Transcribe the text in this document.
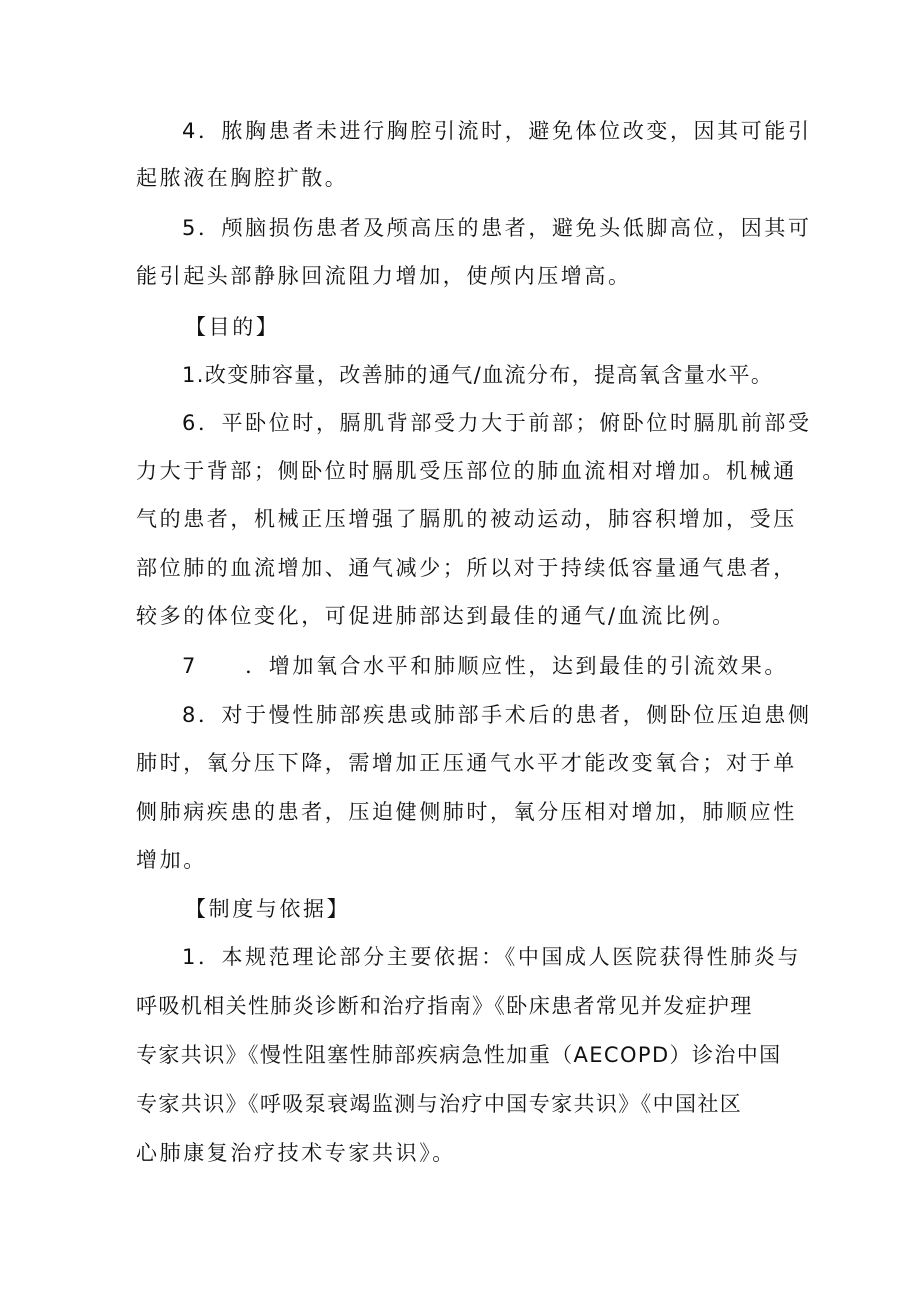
4．脓胸患者未进行胸腔引流时，避免体位改变，因其可能引
起脓液在胸腔扩散。
5．颅脑损伤患者及颅高压的患者，避免头低脚高位，因其可
能引起头部静脉回流阻力增加，使颅内压增高。
【目的】
1.改变肺容量，改善肺的通气/血流分布，提高氧含量水平。
6．平卧位时，膈肌背部受力大于前部；俯卧位时膈肌前部受
力大于背部；侧卧位时膈肌受压部位的肺血流相对增加。机械通
气的患者，机械正压增强了膈肌的被动运动，肺容积增加，受压
部位肺的血流增加、通气减少；所以对于持续低容量通气患者，
较多的体位变化，可促进肺部达到最佳的通气/血流比例。
7　　．增加氧合水平和肺顺应性，达到最佳的引流效果。
8．对于慢性肺部疾患或肺部手术后的患者，侧卧位压迫患侧
肺时，氧分压下降，需增加正压通气水平才能改变氧合；对于单
侧肺病疾患的患者，压迫健侧肺时，氧分压相对增加，肺顺应性
增加。
【制度与依据】
1．本规范理论部分主要依据：《中国成人医院获得性肺炎与
呼吸机相关性肺炎诊断和治疗指南》《卧床患者常见并发症护理
专家共识》《慢性阻塞性肺部疾病急性加重（AECOPD）诊治中国
专家共识》《呼吸泵衰竭监测与治疗中国专家共识》《中国社区
心肺康复治疗技术专家共识》。
